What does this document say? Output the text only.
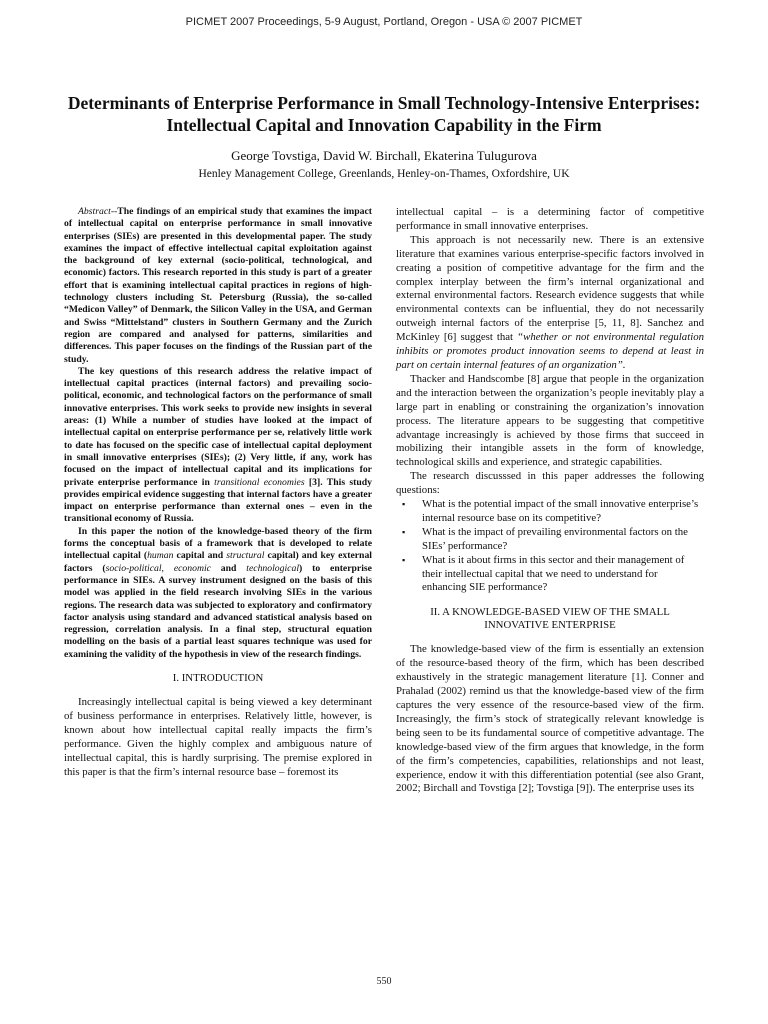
PICMET 2007 Proceedings, 5-9 August, Portland, Oregon - USA © 2007 PICMET

Determinants of Enterprise Performance in Small Technology-Intensive Enterprises:
Intellectual Capital and Innovation Capability in the Firm

George Tovstiga, David W. Birchall, Ekaterina Tulugurova
Henley Management College, Greenlands, Henley-on-Thames, Oxfordshire, UK

Abstract--The findings of an empirical study that examines the impact of intellectual capital on enterprise performance in small innovative enterprises (SIEs) are presented in this developmental paper. The study examines the impact of effective intellectual capital exploitation against the background of key external (socio-political, technological, and economic) factors. This research reported in this study is part of a greater effort that is examining intellectual capital practices in regions of high-technology clusters including St. Petersburg (Russia), the so-called “Medicon Valley” of Denmark, the Silicon Valley in the USA, and German and Swiss “Mittelstand” clusters in Southern Germany and the Zurich region are compared and analysed for patterns, similarities and differences. This paper focuses on the findings of the Russian part of the study.

The key questions of this research address the relative impact of intellectual capital practices (internal factors) and prevailing socio-political, economic, and technological factors on the performance of small innovative enterprises. This work seeks to provide new insights in several areas: (1) While a number of studies have looked at the impact of intellectual capital on enterprise performance per se, relatively little work to date has focused on the specific case of intellectual capital deployment in small innovative enterprises (SIEs); (2) Very little, if any, work has focused on the impact of intellectual capital and its implications for private enterprise performance in transitional economies [3]. This study provides empirical evidence suggesting that internal factors have a greater impact on enterprise performance than external ones – even in the transitional economy of Russia.

In this paper the notion of the knowledge-based theory of the firm forms the conceptual basis of a framework that is developed to relate intellectual capital (human capital and structural capital) and key external factors (socio-political, economic and technological) to enterprise performance in SIEs. A survey instrument designed on the basis of this model was applied in the field research involving SIEs in the various regions. The research data was subjected to exploratory and confirmatory factor analysis using standard and advanced statistical analysis based on regression, correlation analysis. In a final step, structural equation modelling on the basis of a partial least squares technique was used for examining the validity of the hypothesis in view of the research findings.

I. INTRODUCTION

Increasingly intellectual capital is being viewed a key determinant of business performance in enterprises. Relatively little, however, is known about how intellectual capital really impacts the firm’s performance. Given the highly complex and ambiguous nature of intellectual capital, this is hardly surprising. The premise explored in this paper is that the firm’s internal resource base – foremost its

intellectual capital – is a determining factor of competitive performance in small innovative enterprises.

This approach is not necessarily new. There is an extensive literature that examines various enterprise-specific factors involved in creating a position of competitive advantage for the firm and the complex interplay between the firm’s internal organizational and external environmental factors. Research evidence suggests that while environmental contexts can be influential, they do not necessarily outweigh internal factors of the enterprise [5, 11, 8]. Sanchez and McKinley [6] suggest that “whether or not environmental regulation inhibits or promotes product innovation seems to depend at least in part on certain internal features of an organization”.

Thacker and Handscombe [8] argue that people in the organization and the interaction between the organization’s people inevitably play a large part in enabling or constraining the organization’s innovation process. The literature appears to be suggesting that competitive advantage increasingly is achieved by those firms that succeed in mobilizing their intangible assets in the form of knowledge, technological skills and experience, and strategic capabilities.

The research discusssed in this paper addresses the following questions:

▪ What is the potential impact of the small innovative enterprise’s internal resource base on its competitive?
▪ What is the impact of prevailing environmental factors on the SIEs’ performance?
▪ What is it about firms in this sector and their management of their intellectual capital that we need to understand for enhancing SIE performance?
II. A KNOWLEDGE-BASED VIEW OF THE SMALL
INNOVATIVE ENTERPRISE

The knowledge-based view of the firm is essentially an extension of the resource-based theory of the firm, which has been described exhaustively in the strategic management literature [1]. Conner and Prahalad (2002) remind us that the knowledge-based view of the firm captures the very essence of the resource-based view of the firm. Increasingly, the firm’s stock of strategically relevant knowledge is being seen to be its fundamental source of competitive advantage. The knowledge-based view of the firm argues that knowledge, in the form of the firm’s competencies, capabilities, relationships and not least, experience, endow it with this differentiation potential (see also Grant, 2002; Birchall and Tovstiga [2]; Tovstiga [9]). The enterprise uses its

550
